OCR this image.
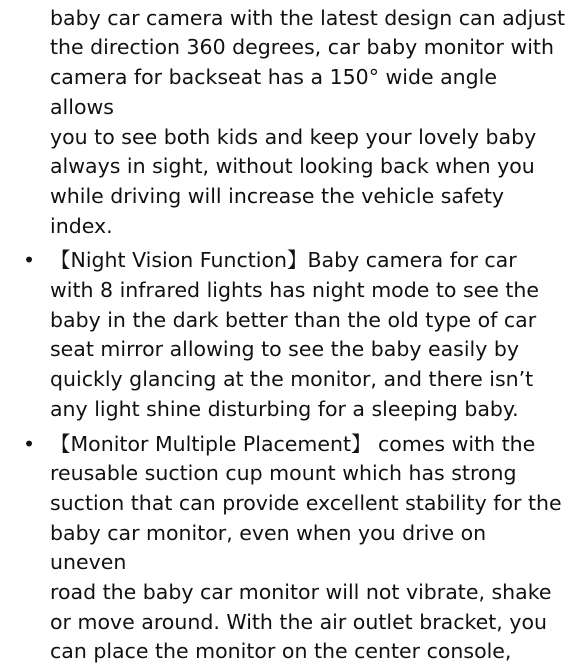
baby car camera with the latest design can adjust
the direction 360 degrees, car baby monitor with
camera for backseat has a 150° wide angle allows
you to see both kids and keep your lovely baby
always in sight, without looking back when you
while driving will increase the vehicle safety index.
• 【Night Vision Function】Baby camera for car
with 8 infrared lights has night mode to see the
baby in the dark better than the old type of car
seat mirror allowing to see the baby easily by
quickly glancing at the monitor, and there isn’t
any light shine disturbing for a sleeping baby.
• 【Monitor Multiple Placement】 comes with the
reusable suction cup mount which has strong
suction that can provide excellent stability for the
baby car monitor, even when you drive on uneven
road the baby car monitor will not vibrate, shake
or move around. With the air outlet bracket, you
can place the monitor on the center console,
